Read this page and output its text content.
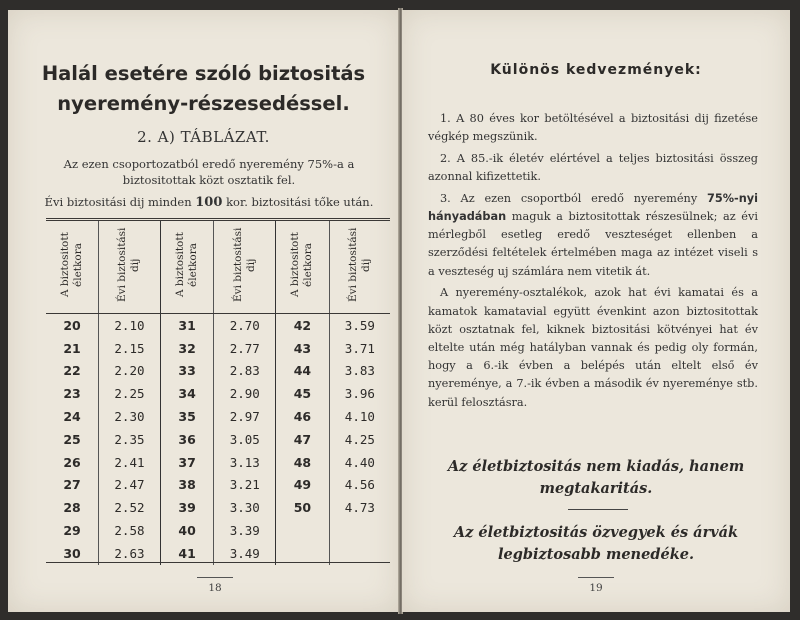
Halál esetére szóló biztositás
nyeremény-részesedéssel.
2. A) TÁBLÁZAT.
Az ezen csoportozatból eredő nyeremény 75%-a a biztositottak közt osztatik fel.
Évi biztositási dij minden 100 kor. biztositási tőke után.
A biztositott életkora	Évi biztositási dij	A biztositott életkora	Évi biztositási dij	A biztositott életkora	Évi biztositási dij
20	2.10	31	2.70	42	3.59
21	2.15	32	2.77	43	3.71
22	2.20	33	2.83	44	3.83
23	2.25	34	2.90	45	3.96
24	2.30	35	2.97	46	4.10
25	2.35	36	3.05	47	4.25
26	2.41	37	3.13	48	4.40
27	2.47	38	3.21	49	4.56
28	2.52	39	3.30	50	4.73
29	2.58	40	3.39		
30	2.63	41	3.49		
18
Különös kedvezmények:

1. A 80 éves kor betöltésével a biztositási dij fizetése végkép megszünik.

2. A 85.-ik életév elértével a teljes biztositási összeg azonnal kifizettetik.

3. Az ezen csoportból eredő nyeremény 75%-nyi hányadában maguk a biztositottak részesülnek; az évi mérlegből esetleg eredő veszteséget ellenben a szerződési feltételek értelmében maga az intézet viseli s a veszteség uj számlára nem vitetik át.

A nyeremény-osztalékok, azok hat évi kamatai és a kamatok kamatavial együtt évenkint azon biztositottak közt osztatnak fel, kiknek biztositási kötvényei hat év eltelte után még hatályban vannak és pedig oly formán, hogy a 6.-ik évben a belépés után eltelt első év nyereménye, a 7.-ik évben a második év nyereménye stb. kerül felosztásra.

Az életbiztositás nem kiadás, hanem megtakaritás.
Az életbiztositás özvegyek és árvák legbiztosabb menedéke.
19
